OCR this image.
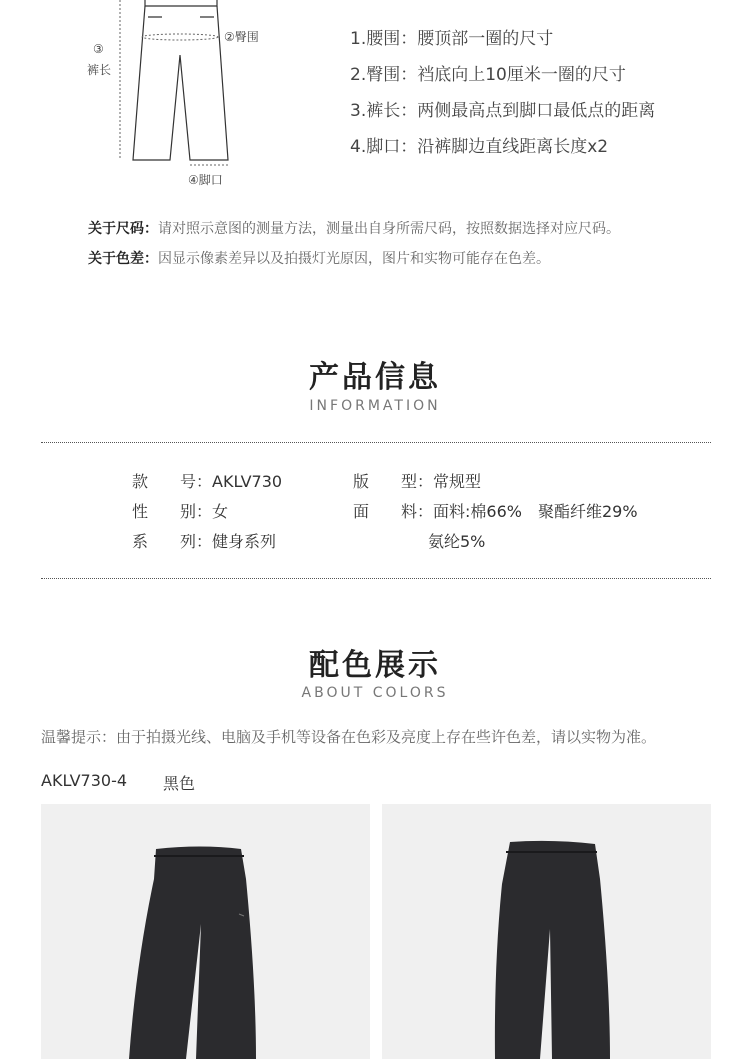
②臀围
③
裤长
④脚口
1.腰围：腰顶部一圈的尺寸
2.臀围：裆底向上10厘米一圈的尺寸
3.裤长：两侧最高点到脚口最低点的距离
4.脚口：沿裤脚边直线距离长度x2
关于尺码：请对照示意图的测量方法，测量出自身所需尺码，按照数据选择对应尺码。
关于色差：因显示像素差异以及拍摄灯光原因，图片和实物可能存在色差。
产品信息
INFORMATION
款　　号：AKLV730
性　　别：女
系　　列：健身系列
版　　型：常规型
面　　料：面料:棉66%　聚酯纤维29%
氨纶5%
配色展示
ABOUT COLORS
温馨提示：由于拍摄光线、电脑及手机等设备在色彩及亮度上存在些许色差，请以实物为准。
AKLV730-4 黑色
